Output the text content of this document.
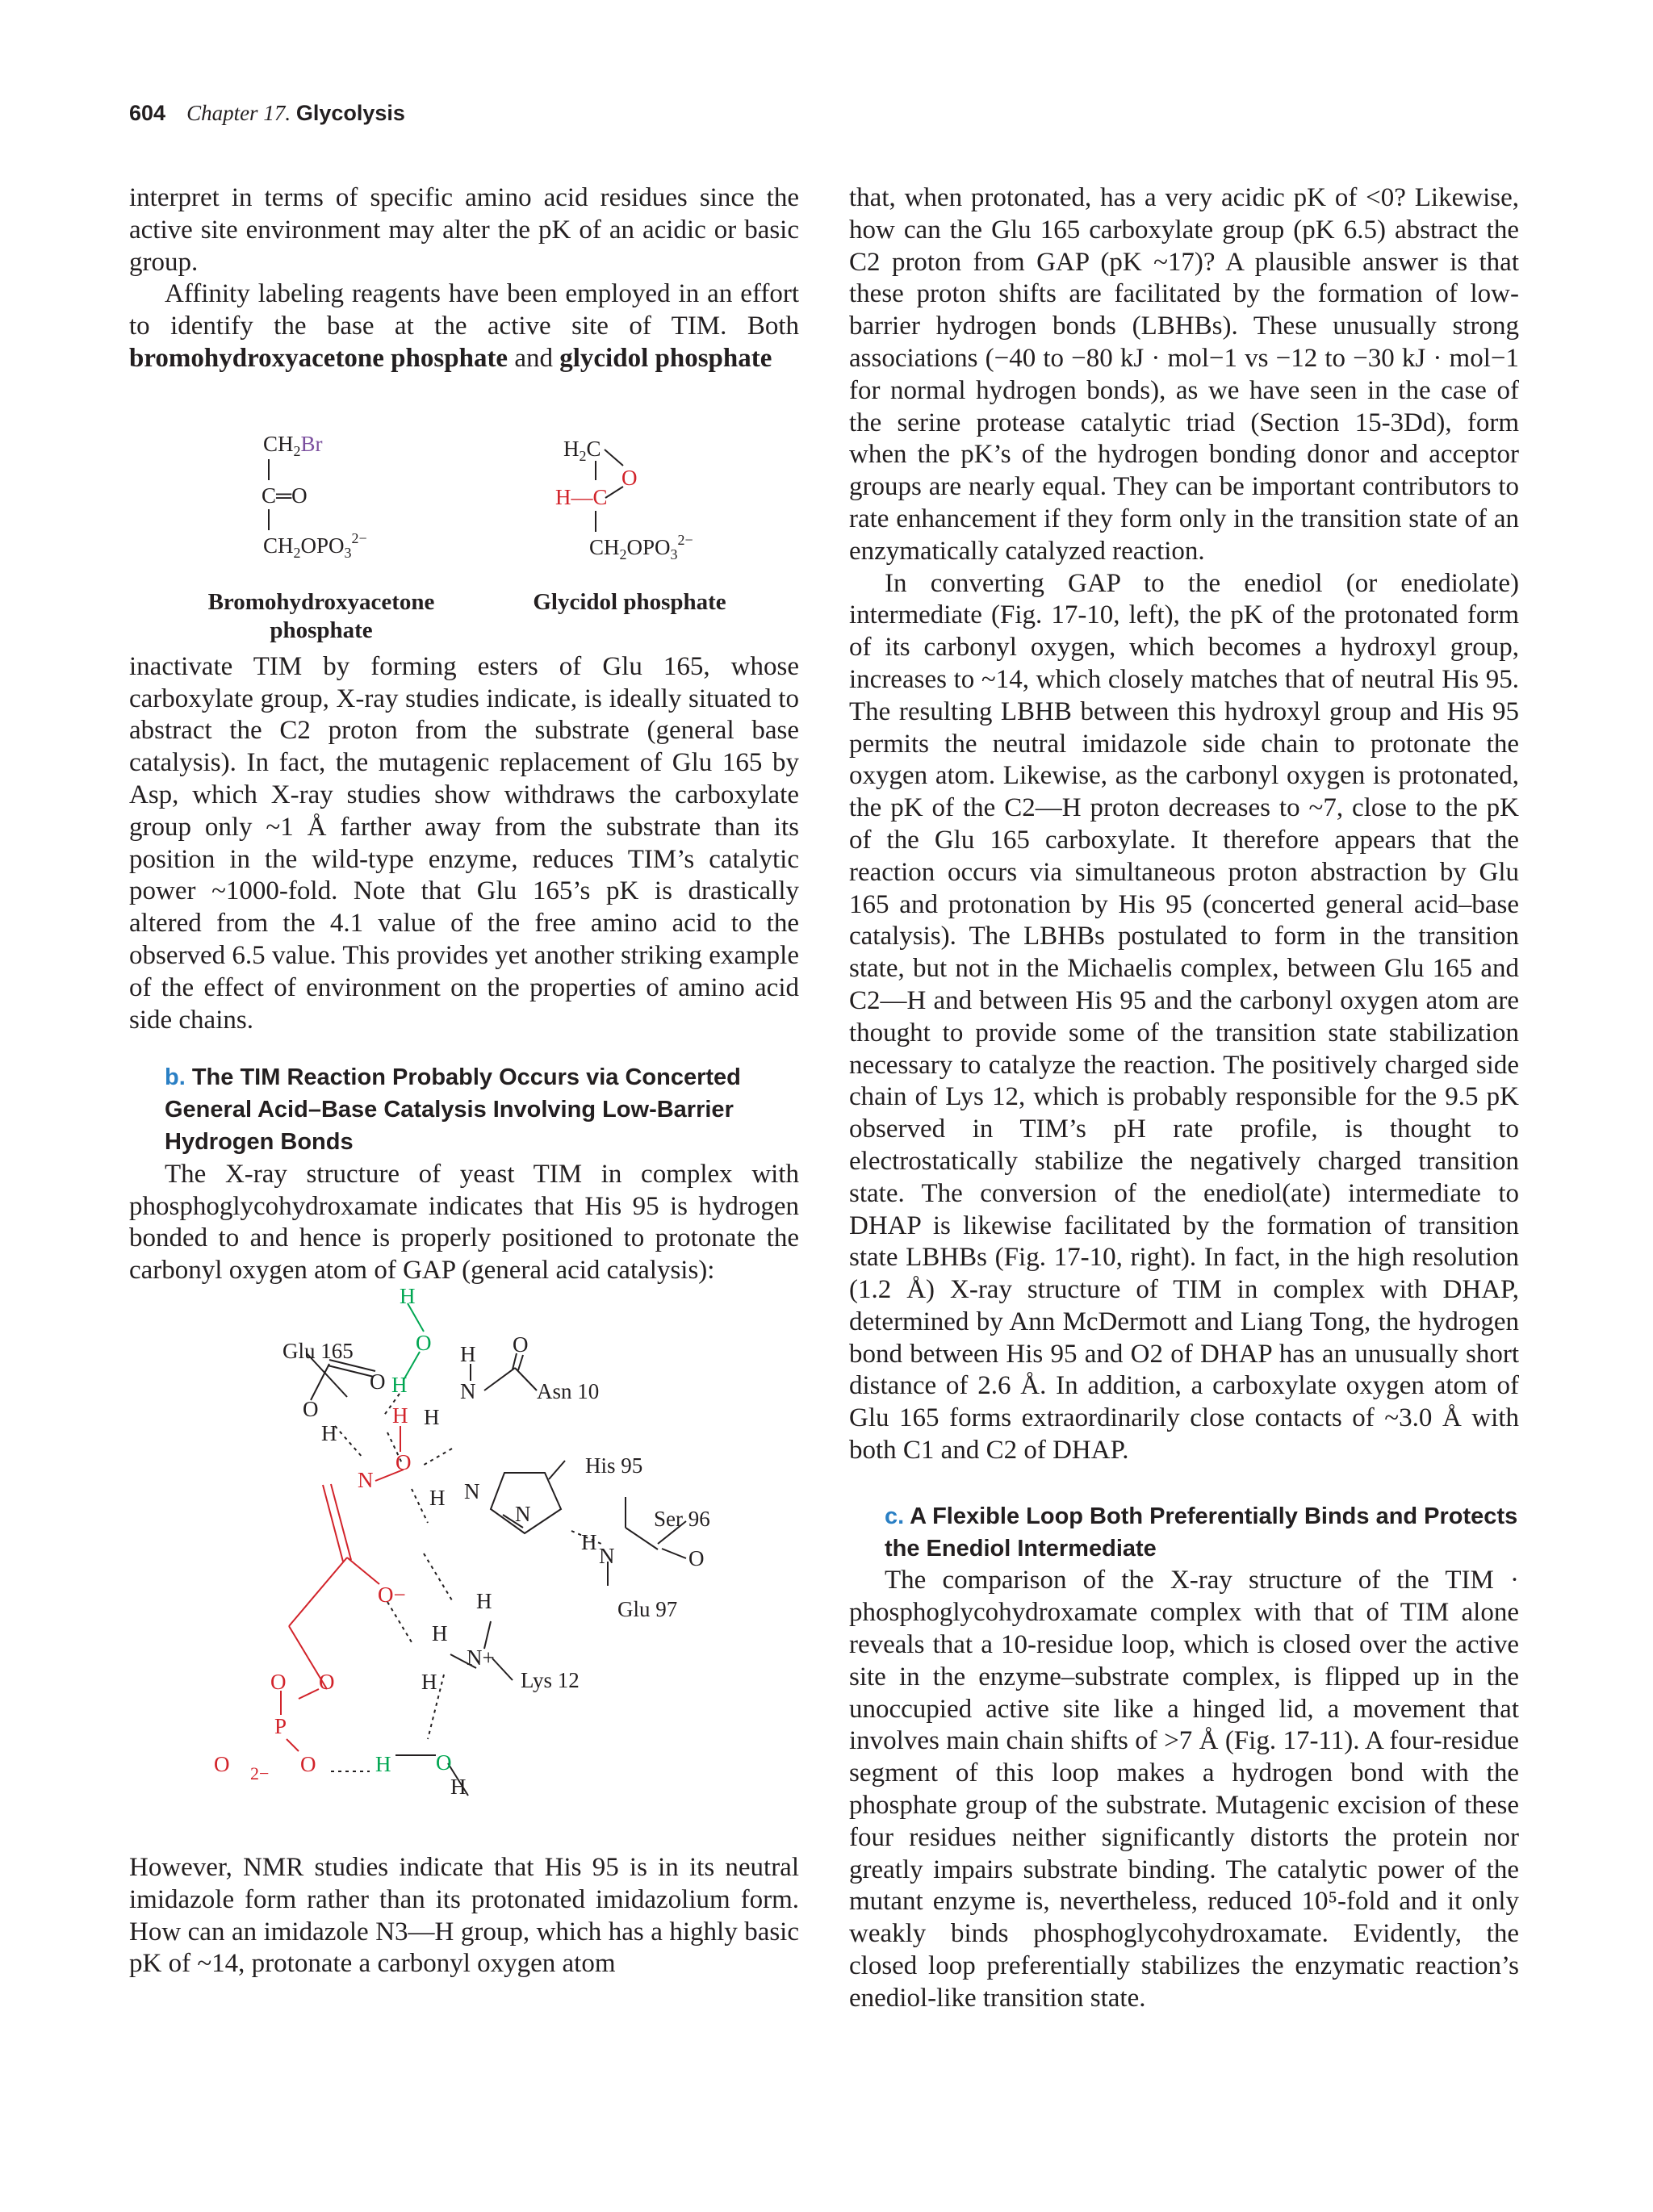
604 Chapter 17. Glycolysis

interpret in terms of specific amino acid residues since the active site environment may alter the pK of an acidic or basic group.

Affinity labeling reagents have been employed in an effort to identify the base at the active site of TIM. Both bromohydroxyacetone phosphate and glycidol phosphate

$CH_2Br$
C═O
$CH_2OPO_3^{2-}$
Bromohydroxyacetone
phosphate
$H_2C$
O
H—C
$CH_2OPO_3^{2-}$
Glycidol phosphate

inactivate TIM by forming esters of Glu 165, whose carboxylate group, X-ray studies indicate, is ideally situated to abstract the C2 proton from the substrate (general base catalysis). In fact, the mutagenic replacement of Glu 165 by Asp, which X-ray studies show withdraws the carboxylate group only ~1 Å farther away from the substrate than its position in the wild-type enzyme, reduces TIM’s catalytic power ~1000-fold. Note that Glu 165’s pK is drastically altered from the 4.1 value of the free amino acid to the observed 6.5 value. This provides yet another striking example of the effect of environment on the properties of amino acid side chains.

b. The TIM Reaction Probably Occurs via Concerted General Acid–Base Catalysis Involving Low-Barrier Hydrogen Bonds

The X-ray structure of yeast TIM in complex with phosphoglycohydroxamate indicates that His 95 is hydrogen bonded to and hence is properly positioned to protonate the carbonyl oxygen atom of GAP (general acid catalysis):

Glu 165
Asn 10
His 95
Ser 96
Glu 97
Lys 12
O
O
H
H
N
O
H
N
H
N
H
N	O
H
H
N+
H
H
H
O
N
O−
O O
P
O 2− O
H
O
H
H O

However, NMR studies indicate that His 95 is in its neutral imidazole form rather than its protonated imidazolium form. How can an imidazole N3—H group, which has a highly basic pK of ~14, protonate a carbonyl oxygen atom

that, when protonated, has a very acidic pK of <0? Likewise, how can the Glu 165 carboxylate group (pK 6.5) abstract the C2 proton from GAP (pK ~17)? A plausible answer is that these proton shifts are facilitated by the formation of low-barrier hydrogen bonds (LBHBs). These unusually strong associations (−40 to −80 kJ · mol−1 vs −12 to −30 kJ · mol−1 for normal hydrogen bonds), as we have seen in the case of the serine protease catalytic triad (Section 15-3Dd), form when the pK’s of the hydrogen bonding donor and acceptor groups are nearly equal. They can be important contributors to rate enhancement if they form only in the transition state of an enzymatically catalyzed reaction.

In converting GAP to the enediol (or enediolate) intermediate (Fig. 17-10, left), the pK of the protonated form of its carbonyl oxygen, which becomes a hydroxyl group, increases to ~14, which closely matches that of neutral His 95. The resulting LBHB between this hydroxyl group and His 95 permits the neutral imidazole side chain to protonate the oxygen atom. Likewise, as the carbonyl oxygen is protonated, the pK of the C2—H proton decreases to ~7, close to the pK of the Glu 165 carboxylate. It therefore appears that the reaction occurs via simultaneous proton abstraction by Glu 165 and protonation by His 95 (concerted general acid–base catalysis). The LBHBs postulated to form in the transition state, but not in the Michaelis complex, between Glu 165 and C2—H and between His 95 and the carbonyl oxygen atom are thought to provide some of the transition state stabilization necessary to catalyze the reaction. The positively charged side chain of Lys 12, which is probably responsible for the 9.5 pK observed in TIM’s pH rate profile, is thought to electrostatically stabilize the negatively charged transition state. The conversion of the enediol(ate) intermediate to DHAP is likewise facilitated by the formation of transition state LBHBs (Fig. 17-10, right). In fact, in the high resolution (1.2 Å) X-ray structure of TIM in complex with DHAP, determined by Ann McDermott and Liang Tong, the hydrogen bond between His 95 and O2 of DHAP has an unusually short distance of 2.6 Å. In addition, a carboxylate oxygen atom of Glu 165 forms extraordinarily close contacts of ~3.0 Å with both C1 and C2 of DHAP.

c. A Flexible Loop Both Preferentially Binds and Protects the Enediol Intermediate

The comparison of the X-ray structure of the TIM · phosphoglycohydroxamate complex with that of TIM alone reveals that a 10-residue loop, which is closed over the active site in the enzyme–substrate complex, is flipped up in the unoccupied active site like a hinged lid, a movement that involves main chain shifts of >7 Å (Fig. 17-11). A four-residue segment of this loop makes a hydrogen bond with the phosphate group of the substrate. Mutagenic excision of these four residues neither significantly distorts the protein nor greatly impairs substrate binding. The catalytic power of the mutant enzyme is, nevertheless, reduced 10⁵-fold and it only weakly binds phosphoglycohydroxamate. Evidently, the closed loop preferentially stabilizes the enzymatic reaction’s enediol-like transition state.
